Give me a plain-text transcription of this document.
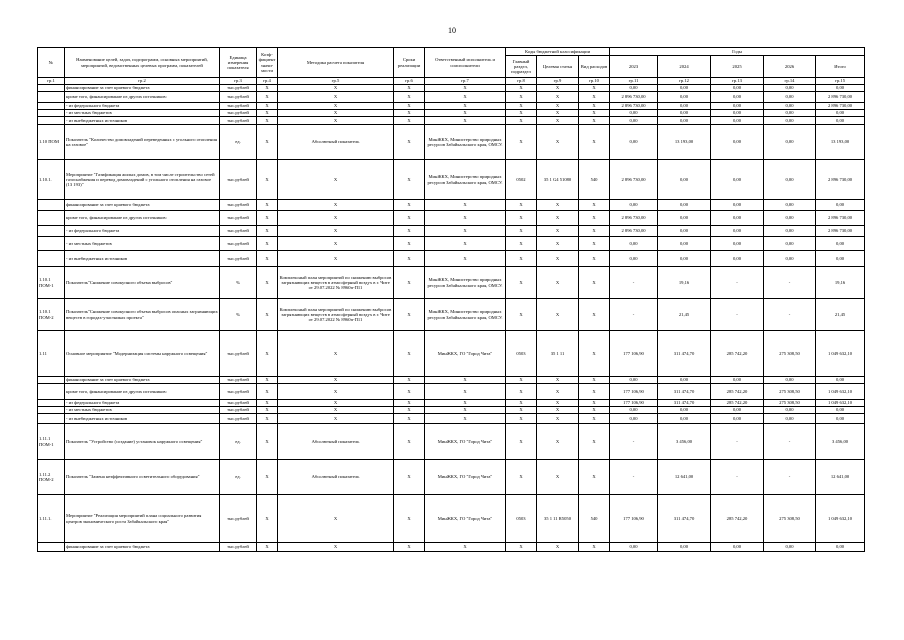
10
№	Наименование целей, задач, подпрограмм, основных мероприятий, мероприятий, ведомственных целевых программ, показателей	Единица измерения показателя	Коэф-фициент значи-мости	Методика расчета показателя	Сроки реализации	Ответственный исполнитель и соисполнители	Коды бюджетной классификации			Годы				
							Главный раздел, подраздел	Целевая статья	Вид расходов	2023	2024	2025	2026	Итого
гр.1	гр.2	гр.3	гр.4	гр.5	гр.6	гр.7	гр.8	гр.9	гр.10	гр.11	гр.12	гр.13	гр.14	гр.15
	финансирование за счет краевого бюджета	тыс.рублей	X	X	X	X	X	X	X	0,00	0,00	0,00	0,00	0,00
	кроме того, финансирование из других источников:	тыс.рублей	X	X	X	X	X	X	X	2 896 730,00	0,00	0,00	0,00	2 896 730,00
	- из федерального бюджета	тыс.рублей	X	X	X	X	X	X	X	2 896 730,00	0,00	0,00	0,00	2 896 730,00
	- из местных бюджетов	тыс.рублей	X	X	X	X	X	X	X	0,00	0,00	0,00	0,00	0,00
	- из внебюджетных источников	тыс.рублей	X	X	X	X	X	X	X	0,00	0,00	0,00	0,00	0,00
1.10 ПОМ	Показатель "Количество домовладений переведенных с угольного отопления на газовое"	ед.	X	Абсолютный показатель	X	МинЖКХ, Министерство природных ресурсов Забайкальского края, ОМСУ.	X	X	X	0,00	13 193,00	0,00	0,00	13 193,00
1.10.1.	Мероприятие "Газификация жилых домов, в том числе строительство сетей газоснабжения и перевод домовладений с угольного отопления на газовое (13 193)"	тыс.рублей	X	X	X	МинЖКХ, Министерство природных ресурсов Забайкальского края, ОМСУ.	0502	35 1 G4 51080	540	2 896 730,00	0,00	0,00	0,00	2 896 730,00
	финансирование за счет краевого бюджета	тыс.рублей	X	X	X	X	X	X	X	0,00	0,00	0,00	0,00	0,00
	кроме того, финансирование из других источников:	тыс.рублей	X	X	X	X	X	X	X	2 896 730,00	0,00	0,00	0,00	2 896 730,00
	- из федерального бюджета	тыс.рублей	X	X	X	X	X	X	X	2 896 730,00	0,00	0,00	0,00	2 896 730,00
	- из местных бюджетов	тыс.рублей	X	X	X	X	X	X	X	0,00	0,00	0,00	0,00	0,00
	- из внебюджетных источников	тыс.рублей	X	X	X	X	X	X	X	0,00	0,00	0,00	0,00	0,00
1.10.1 ПОМ-1	Показатель"Снижение совокупного объема выбросов"	%	X	Комплексный план мероприятий по снижению выбросов загрязняющих веществ в атмосферный воздух в г. Чите от 29.07.2022 № 8960п-П11	X	МинЖКХ, Министерство природных ресурсов Забайкальского края, ОМСУ.	X	X	X	-	19,16	-	-	19,16
1.10.1 ПОМ-2	Показатель"Снижение совокупного объема выбросов опасных загрязняющих веществ в городах-участниках проекта"	%	X	Комплексный план мероприятий по снижению выбросов загрязняющих веществ в атмосферный воздух в г. Чите от 29.07.2022 № 8960п-П11	X	МинЖКХ, Министерство природных ресурсов Забайкальского края, ОМСУ.	X	X	X	-	21,45	-	-	21,45
1.11	Основное мероприятие "Модернизация системы наружного освещения"	тыс.рублей	X	X	X	МинЖКХ, ГО "Город Чита"	0503	35 1 11	X	177 106,90	311 474,70	285 742,20	275 308,50	1 049 632,10
	финансирование за счет краевого бюджета	тыс.рублей	X	X	X	X	X	X	X	0,00	0,00	0,00	0,00	0,00
	кроме того, финансирование из других источников:	тыс.рублей	X	X	X	X	X	X	X	177 106,90	311 474,70	285 742,20	275 308,50	1 049 632,10
	- из федерального бюджета	тыс.рублей	X	X	X	X	X	X	X	177 106,90	311 474,70	285 742,20	275 308,50	1 049 632,10
	- из местных бюджетов	тыс.рублей	X	X	X	X	X	X	X	0,00	0,00	0,00	0,00	0,00
	- из внебюджетных источников	тыс.рублей	X	X	X	X	X	X	X	0,00	0,00	0,00	0,00	0,00
1.11.1 ПОМ-1	Показатель "Устройство (создание) установок наружного освещения"	ед.	X	Абсолютный показатель	X	МинЖКХ, ГО "Город Чита"	X	X	X	-	3 456,00	-	-	3 456,00
1.11.2 ПОМ-2	Показатель "Замена неэффективного осветительного оборудования"	ед.	X	Абсолютный показатель	X	МинЖКХ, ГО "Город Чита"	X	X	X	-	12 641,00	-	-	12 641,00
1.11.1.	Мероприятие "Реализация мероприятий плана социального развития центров экономического роста Забайкальского края"	тыс.рублей	X	X	X	МинЖКХ, ГО "Город Чита"	0503	35 1 11 R5050	540	177 106,90	311 474,70	285 742,20	275 308,50	1 049 632,10
	финансирование за счет краевого бюджета	тыс.рублей	X	X	X	X	X	X	X	0,00	0,00	0,00	0,00	0,00
